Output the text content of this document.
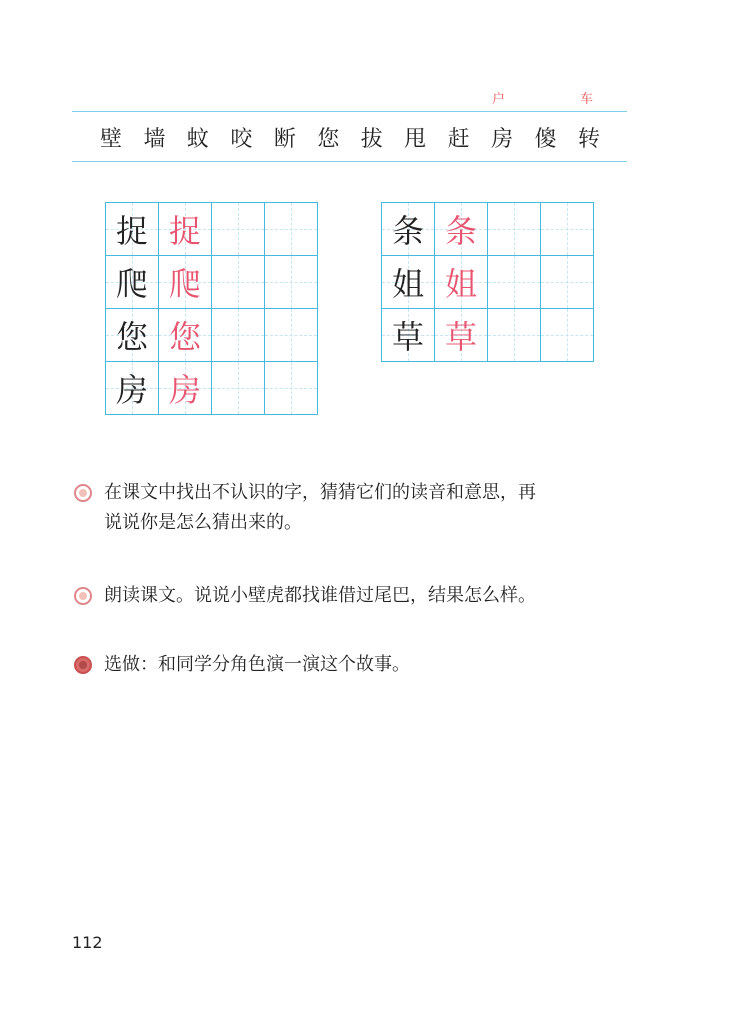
户	车
壁 墙 蚊 咬 断 您 拔 甩 赶 房 傻 转
捉 捉
爬 爬
您 您
房 房
条 条
姐 姐
草 草
在课文中找出不认识的字，猜猜它们的读音和意思，再
说说你是怎么猜出来的。
朗读课文。说说小壁虎都找谁借过尾巴，结果怎么样。
选做：和同学分角色演一演这个故事。
112
